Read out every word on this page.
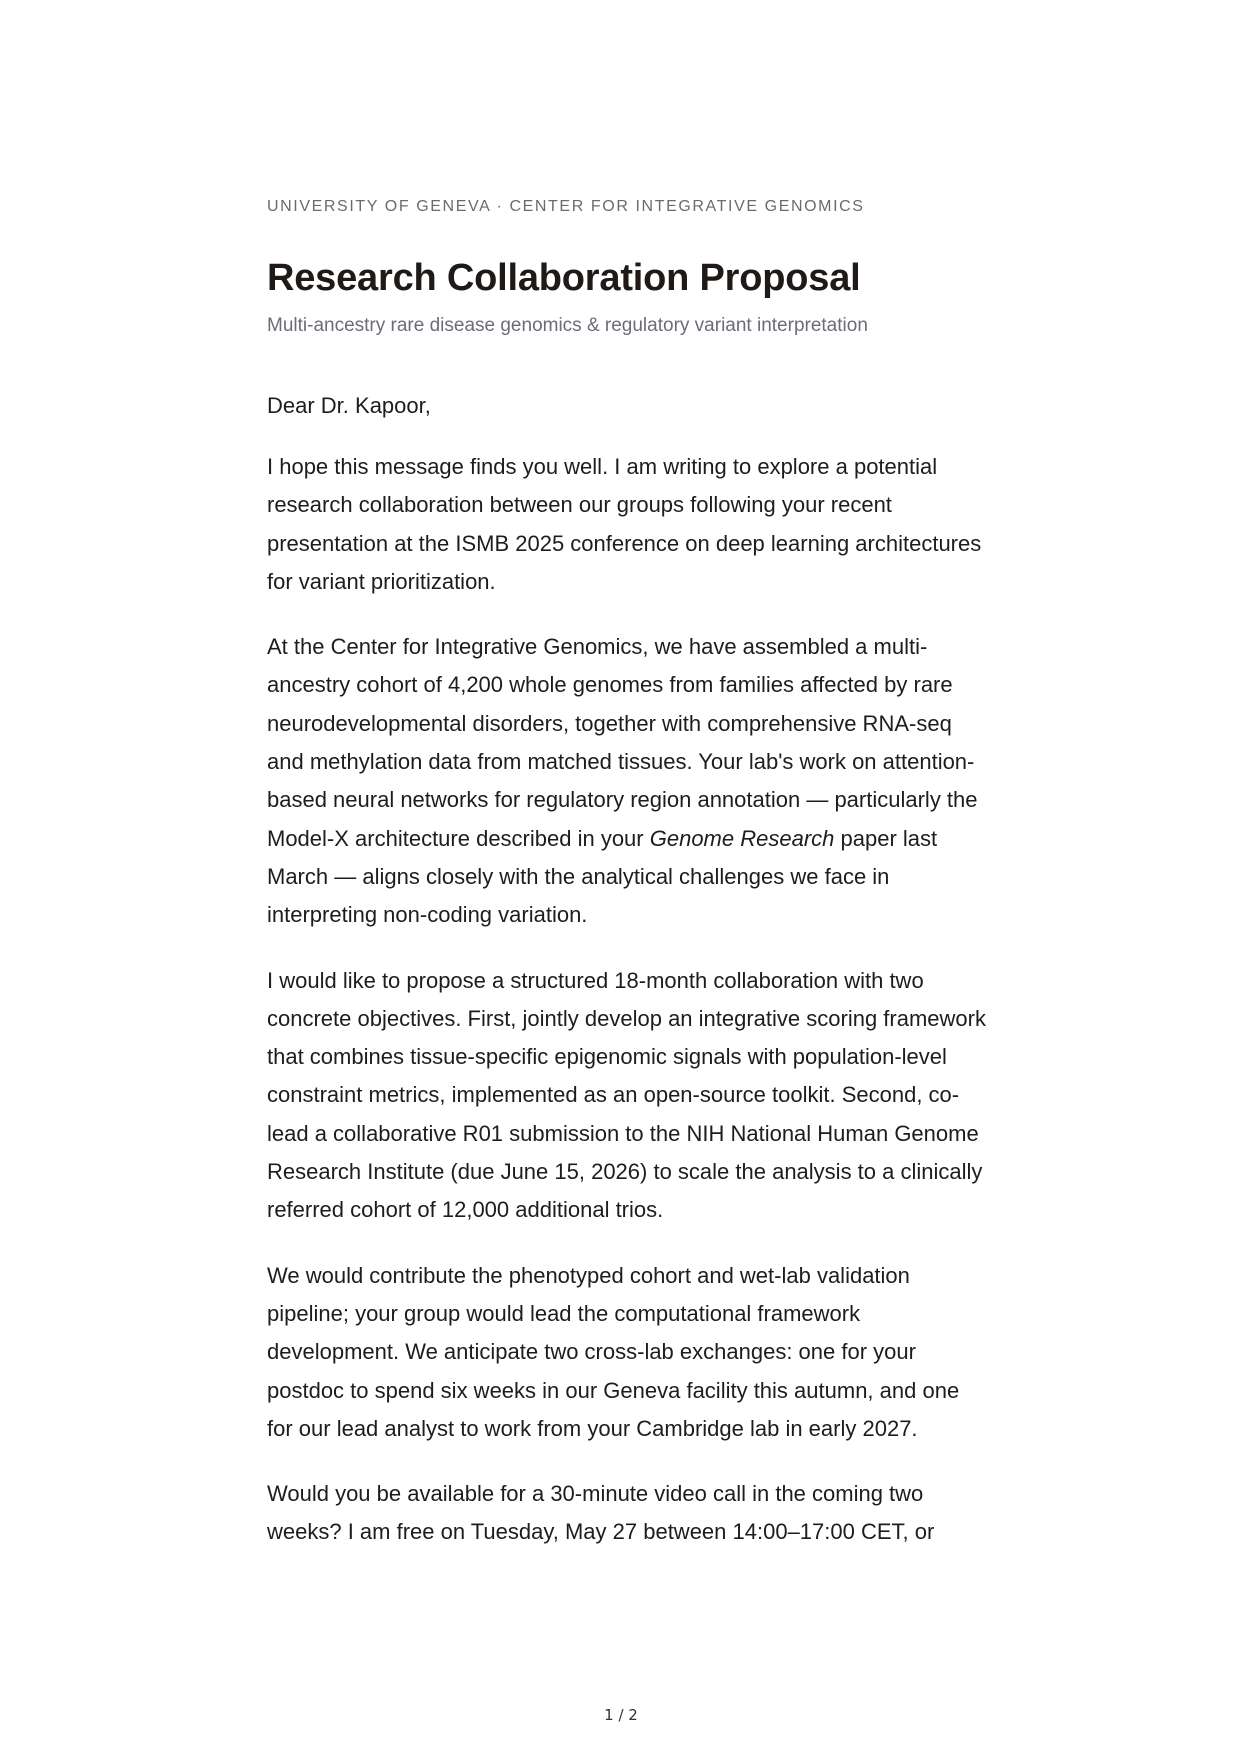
UNIVERSITY OF GENEVA · CENTER FOR INTEGRATIVE GENOMICS

Research Collaboration Proposal

Multi-ancestry rare disease genomics & regulatory variant interpretation

Dear Dr. Kapoor,

I hope this message finds you well. I am writing to explore a potential research collaboration between our groups following your recent presentation at the ISMB 2025 conference on deep learning architectures for variant prioritization.

At the Center for Integrative Genomics, we have assembled a multi-ancestry cohort of 4,200 whole genomes from families affected by rare neurodevelopmental disorders, together with comprehensive RNA-seq and methylation data from matched tissues. Your lab's work on attention-based neural networks for regulatory region annotation — particularly the Model-X architecture described in your Genome Research paper last March — aligns closely with the analytical challenges we face in interpreting non-coding variation.

I would like to propose a structured 18-month collaboration with two concrete objectives. First, jointly develop an integrative scoring framework that combines tissue-specific epigenomic signals with population-level constraint metrics, implemented as an open-source toolkit. Second, co-lead a collaborative R01 submission to the NIH National Human Genome Research Institute (due June 15, 2026) to scale the analysis to a clinically referred cohort of 12,000 additional trios.

We would contribute the phenotyped cohort and wet-lab validation pipeline; your group would lead the computational framework development. We anticipate two cross-lab exchanges: one for your postdoc to spend six weeks in our Geneva facility this autumn, and one for our lead analyst to work from your Cambridge lab in early 2027.

Would you be available for a 30-minute video call in the coming two weeks? I am free on Tuesday, May 27 between 14:00–17:00 CET, or

1 / 2
